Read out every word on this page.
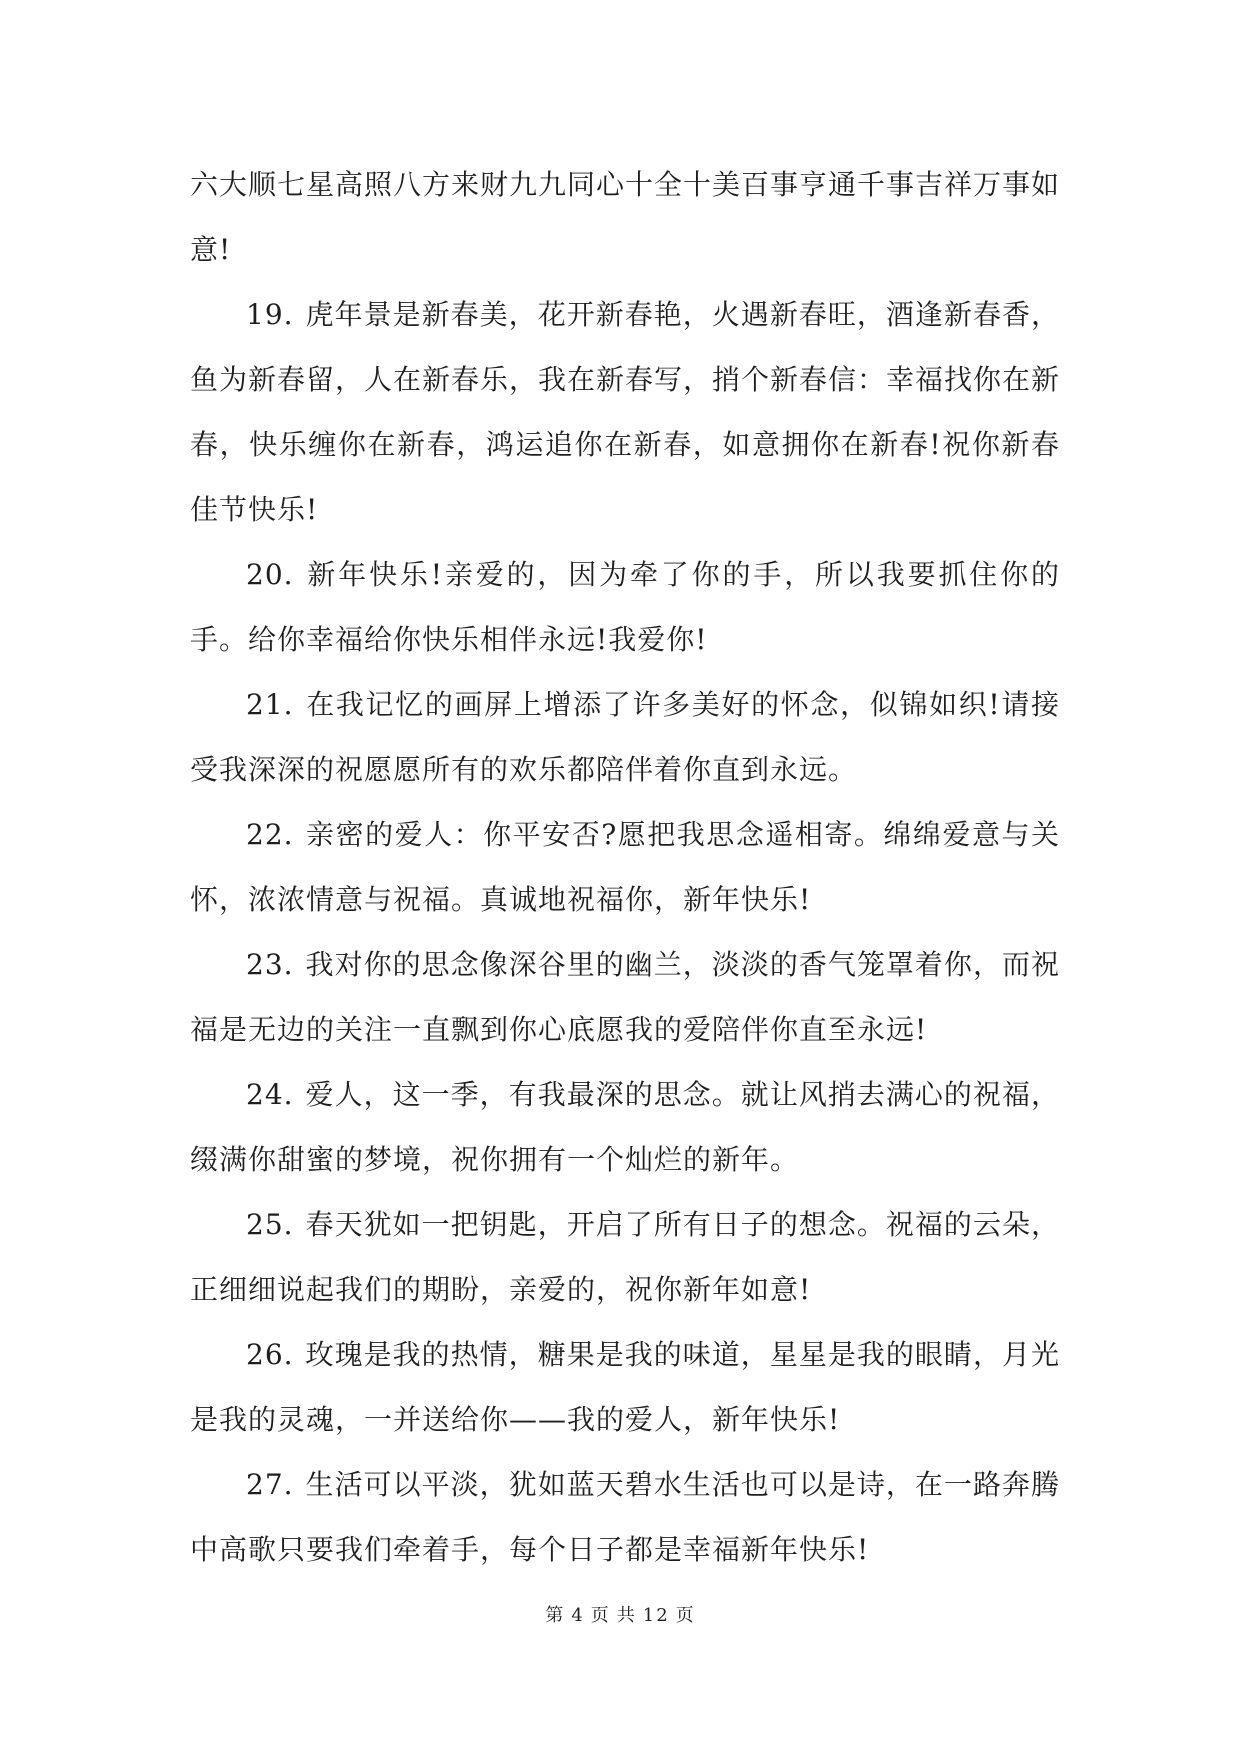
六大顺七星高照八方来财九九同心十全十美百事亨通千事吉祥万事如意!

19. 虎年景是新春美，花开新春艳，火遇新春旺，酒逢新春香，鱼为新春留，人在新春乐，我在新春写，捎个新春信：幸福找你在新春，快乐缠你在新春，鸿运追你在新春，如意拥你在新春!祝你新春佳节快乐!

20. 新年快乐!亲爱的，因为牵了你的手，所以我要抓住你的手。给你幸福给你快乐相伴永远!我爱你!

21. 在我记忆的画屏上增添了许多美好的怀念，似锦如织!请接受我深深的祝愿愿所有的欢乐都陪伴着你直到永远。

22. 亲密的爱人：你平安否?愿把我思念遥相寄。绵绵爱意与关怀，浓浓情意与祝福。真诚地祝福你，新年快乐!

23. 我对你的思念像深谷里的幽兰，淡淡的香气笼罩着你，而祝福是无边的关注一直飘到你心底愿我的爱陪伴你直至永远!

24. 爱人，这一季，有我最深的思念。就让风捎去满心的祝福，缀满你甜蜜的梦境，祝你拥有一个灿烂的新年。

25. 春天犹如一把钥匙，开启了所有日子的想念。祝福的云朵，正细细说起我们的期盼，亲爱的，祝你新年如意!

26. 玫瑰是我的热情，糖果是我的味道，星星是我的眼睛，月光是我的灵魂，一并送给你——我的爱人，新年快乐!

27. 生活可以平淡，犹如蓝天碧水生活也可以是诗，在一路奔腾中高歌只要我们牵着手，每个日子都是幸福新年快乐!

第 4 页 共 12 页
